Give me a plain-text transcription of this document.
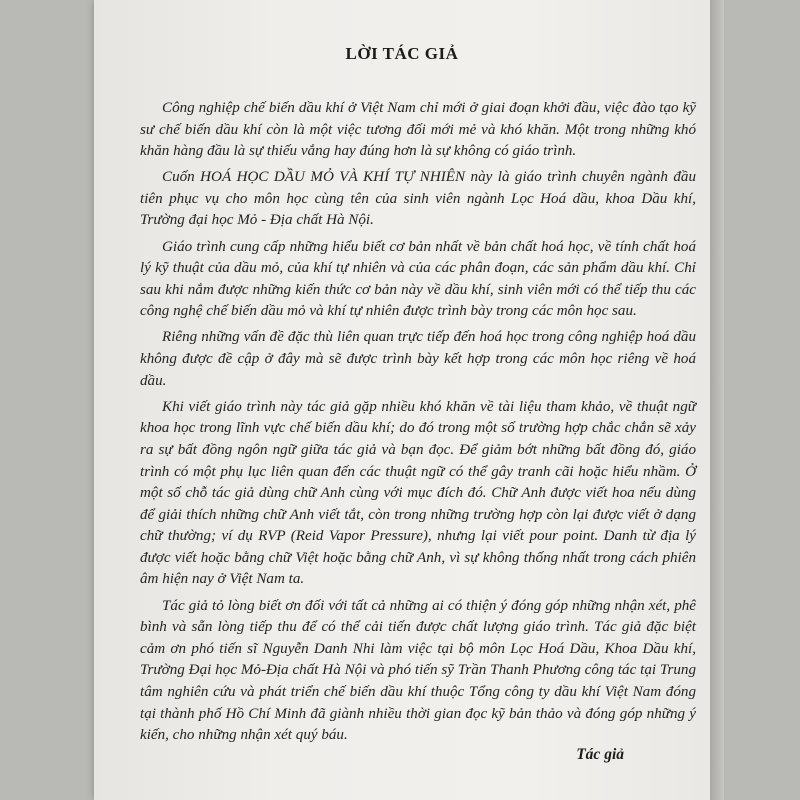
LỜI TÁC GIẢ

Công nghiệp chế biến dầu khí ở Việt Nam chỉ mới ở giai đoạn khởi đầu, việc đào tạo kỹ sư chế biến dầu khí còn là một việc tương đối mới mẻ và khó khăn. Một trong những khó khăn hàng đầu là sự thiếu vắng hay đúng hơn là sự không có giáo trình.

Cuốn HOÁ HỌC DẦU MỎ VÀ KHÍ TỰ NHIÊN này là giáo trình chuyên ngành đầu tiên phục vụ cho môn học cùng tên của sinh viên ngành Lọc Hoá dầu, khoa Dầu khí, Trường đại học Mỏ - Địa chất Hà Nội.

Giáo trình cung cấp những hiểu biết cơ bản nhất về bản chất hoá học, về tính chất hoá lý kỹ thuật của dầu mỏ, của khí tự nhiên và của các phân đoạn, các sản phẩm dầu khí. Chỉ sau khi nắm được những kiến thức cơ bản này về dầu khí, sinh viên mới có thể tiếp thu các công nghệ chế biến dầu mỏ và khí tự nhiên được trình bày trong các môn học sau.

Riêng những vấn đề đặc thù liên quan trực tiếp đến hoá học trong công nghiệp hoá dầu không được đề cập ở đây mà sẽ được trình bày kết hợp trong các môn học riêng về hoá dầu.

Khi viết giáo trình này tác giả gặp nhiều khó khăn về tài liệu tham khảo, về thuật ngữ khoa học trong lĩnh vực chế biến dầu khí; do đó trong một số trường hợp chắc chắn sẽ xảy ra sự bất đồng ngôn ngữ giữa tác giả và bạn đọc. Để giảm bớt những bất đồng đó, giáo trình có một phụ lục liên quan đến các thuật ngữ có thể gây tranh cãi hoặc hiểu nhầm. Ở một số chỗ tác giả dùng chữ Anh cùng với mục đích đó. Chữ Anh được viết hoa nếu dùng để giải thích những chữ Anh viết tắt, còn trong những trường hợp còn lại được viết ở dạng chữ thường; ví dụ RVP (Reid Vapor Pressure), nhưng lại viết pour point. Danh từ địa lý được viết hoặc bằng chữ Việt hoặc bằng chữ Anh, vì sự không thống nhất trong cách phiên âm hiện nay ở Việt Nam ta.

Tác giả tỏ lòng biết ơn đối với tất cả những ai có thiện ý đóng góp những nhận xét, phê bình và sẵn lòng tiếp thu để có thể cải tiến được chất lượng giáo trình. Tác giả đặc biệt cảm ơn phó tiến sĩ Nguyễn Danh Nhi làm việc tại bộ môn Lọc Hoá Dầu, Khoa Dầu khí, Trường Đại học Mỏ-Địa chất Hà Nội và phó tiến sỹ Trần Thanh Phương công tác tại Trung tâm nghiên cứu và phát triển chế biến dầu khí thuộc Tổng công ty dầu khí Việt Nam đóng tại thành phố Hồ Chí Minh đã giành nhiều thời gian đọc kỹ bản thảo và đóng góp những ý kiến, cho những nhận xét quý báu.

Tác giả
